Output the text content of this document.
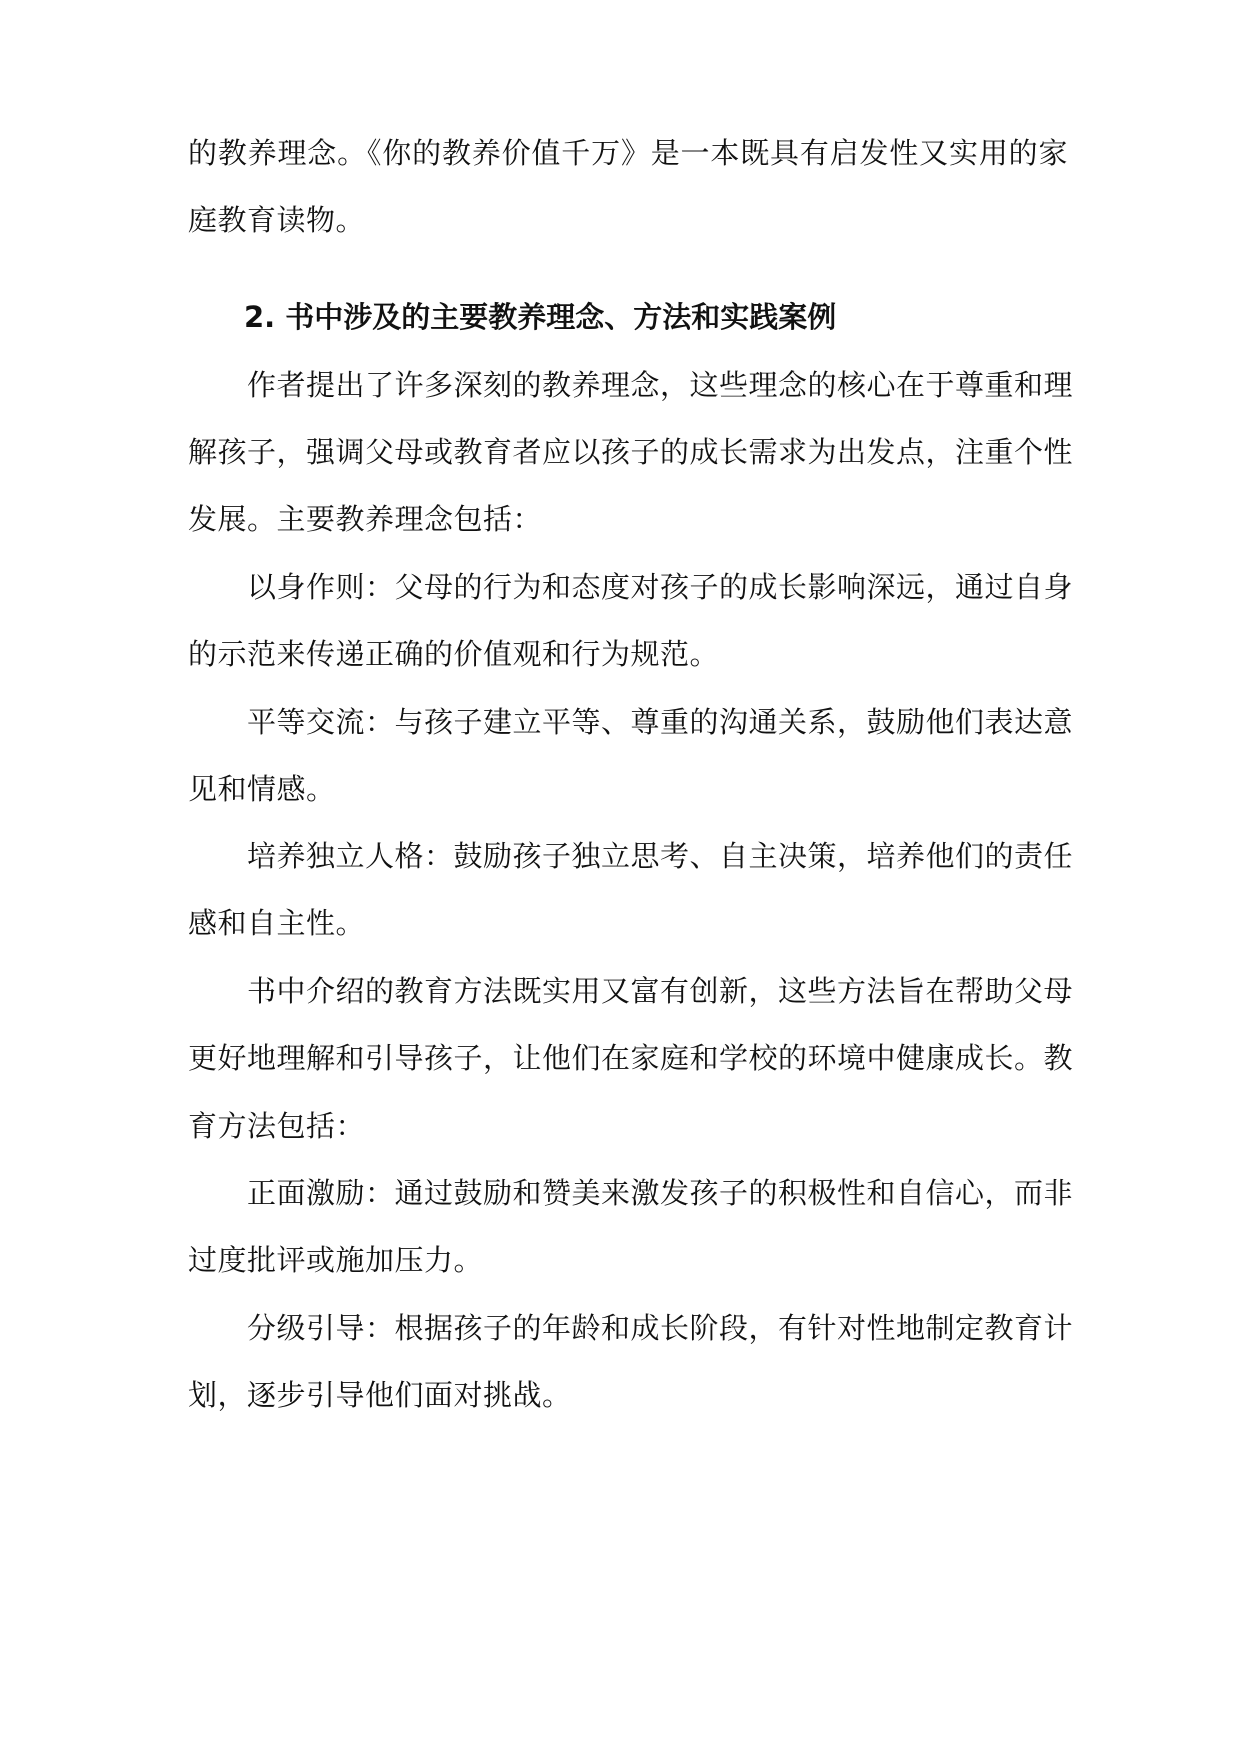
的教养理念。《你的教养价值千万》是一本既具有启发性又实用的家
庭教育读物。
2. 书中涉及的主要教养理念、方法和实践案例
作者提出了许多深刻的教养理念，这些理念的核心在于尊重和理
解孩子，强调父母或教育者应以孩子的成长需求为出发点，注重个性
发展。主要教养理念包括：
以身作则：父母的行为和态度对孩子的成长影响深远，通过自身
的示范来传递正确的价值观和行为规范。
平等交流：与孩子建立平等、尊重的沟通关系，鼓励他们表达意
见和情感。
培养独立人格：鼓励孩子独立思考、自主决策，培养他们的责任
感和自主性。
书中介绍的教育方法既实用又富有创新，这些方法旨在帮助父母
更好地理解和引导孩子，让他们在家庭和学校的环境中健康成长。教
育方法包括：
正面激励：通过鼓励和赞美来激发孩子的积极性和自信心，而非
过度批评或施加压力。
分级引导：根据孩子的年龄和成长阶段，有针对性地制定教育计
划，逐步引导他们面对挑战。
